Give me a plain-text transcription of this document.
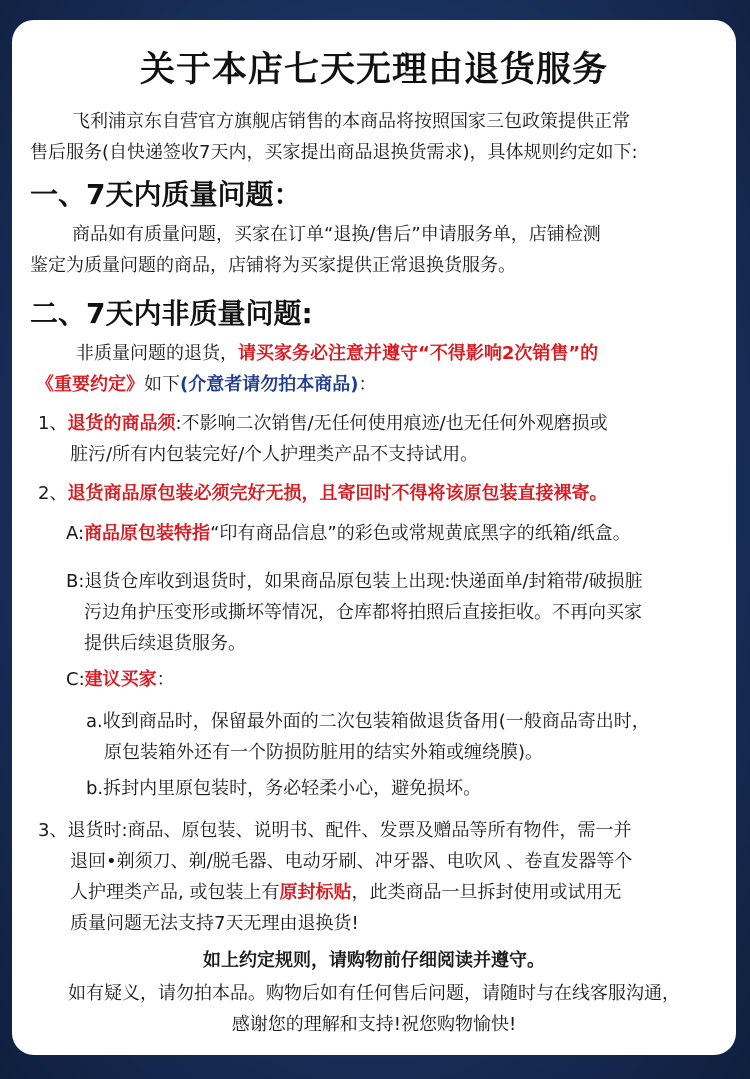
关于本店七天无理由退货服务
飞利浦京东自营官方旗舰店销售的本商品将按照国家三包政策提供正常
售后服务(自快递签收7天内，买家提出商品退换货需求)，具体规则约定如下:
一、7天内质量问题：
商品如有质量问题，买家在订单“退换/售后”申请服务单，店铺检测
鉴定为质量问题的商品，店铺将为买家提供正常退换货服务。
二、7天内非质量问题:
非质量问题的退货，请买家务必注意并遵守“不得影响2次销售”的
《重要约定》如下(介意者请勿拍本商品)：
1、退货的商品须:不影响二次销售/无任何使用痕迹/也无任何外观磨损或
脏污/所有内包装完好/个人护理类产品不支持试用。
2、退货商品原包装必须完好无损，且寄回时不得将该原包装直接裸寄。
A:商品原包装特指“印有商品信息”的彩色或常规黄底黑字的纸箱/纸盒。
B:退货仓库收到退货时，如果商品原包装上出现:快递面单/封箱带/破损脏
污边角护压变形或撕坏等情况，仓库都将拍照后直接拒收。不再向买家
提供后续退货服务。
C:建议买家：
a.收到商品时，保留最外面的二次包装箱做退货备用(一般商品寄出时，
原包装箱外还有一个防损防脏用的结实外箱或缠绕膜)。
b.拆封内里原包装时，务必轻柔小心，避免损坏。
3、退货时:商品、原包装、说明书、配件、发票及赠品等所有物件，需一并
退回•剃须刀、剃/脱毛器、电动牙刷、冲牙器、电吹风 、卷直发器等个
人护理类产品, 或包装上有原封标贴，此类商品一旦拆封使用或试用无
质量问题无法支持7天无理由退换货!
如上约定规则，请购物前仔细阅读并遵守。
如有疑义，请勿拍本品。购物后如有任何售后问题，请随时与在线客服沟通，
感谢您的理解和支持!祝您购物愉快!
